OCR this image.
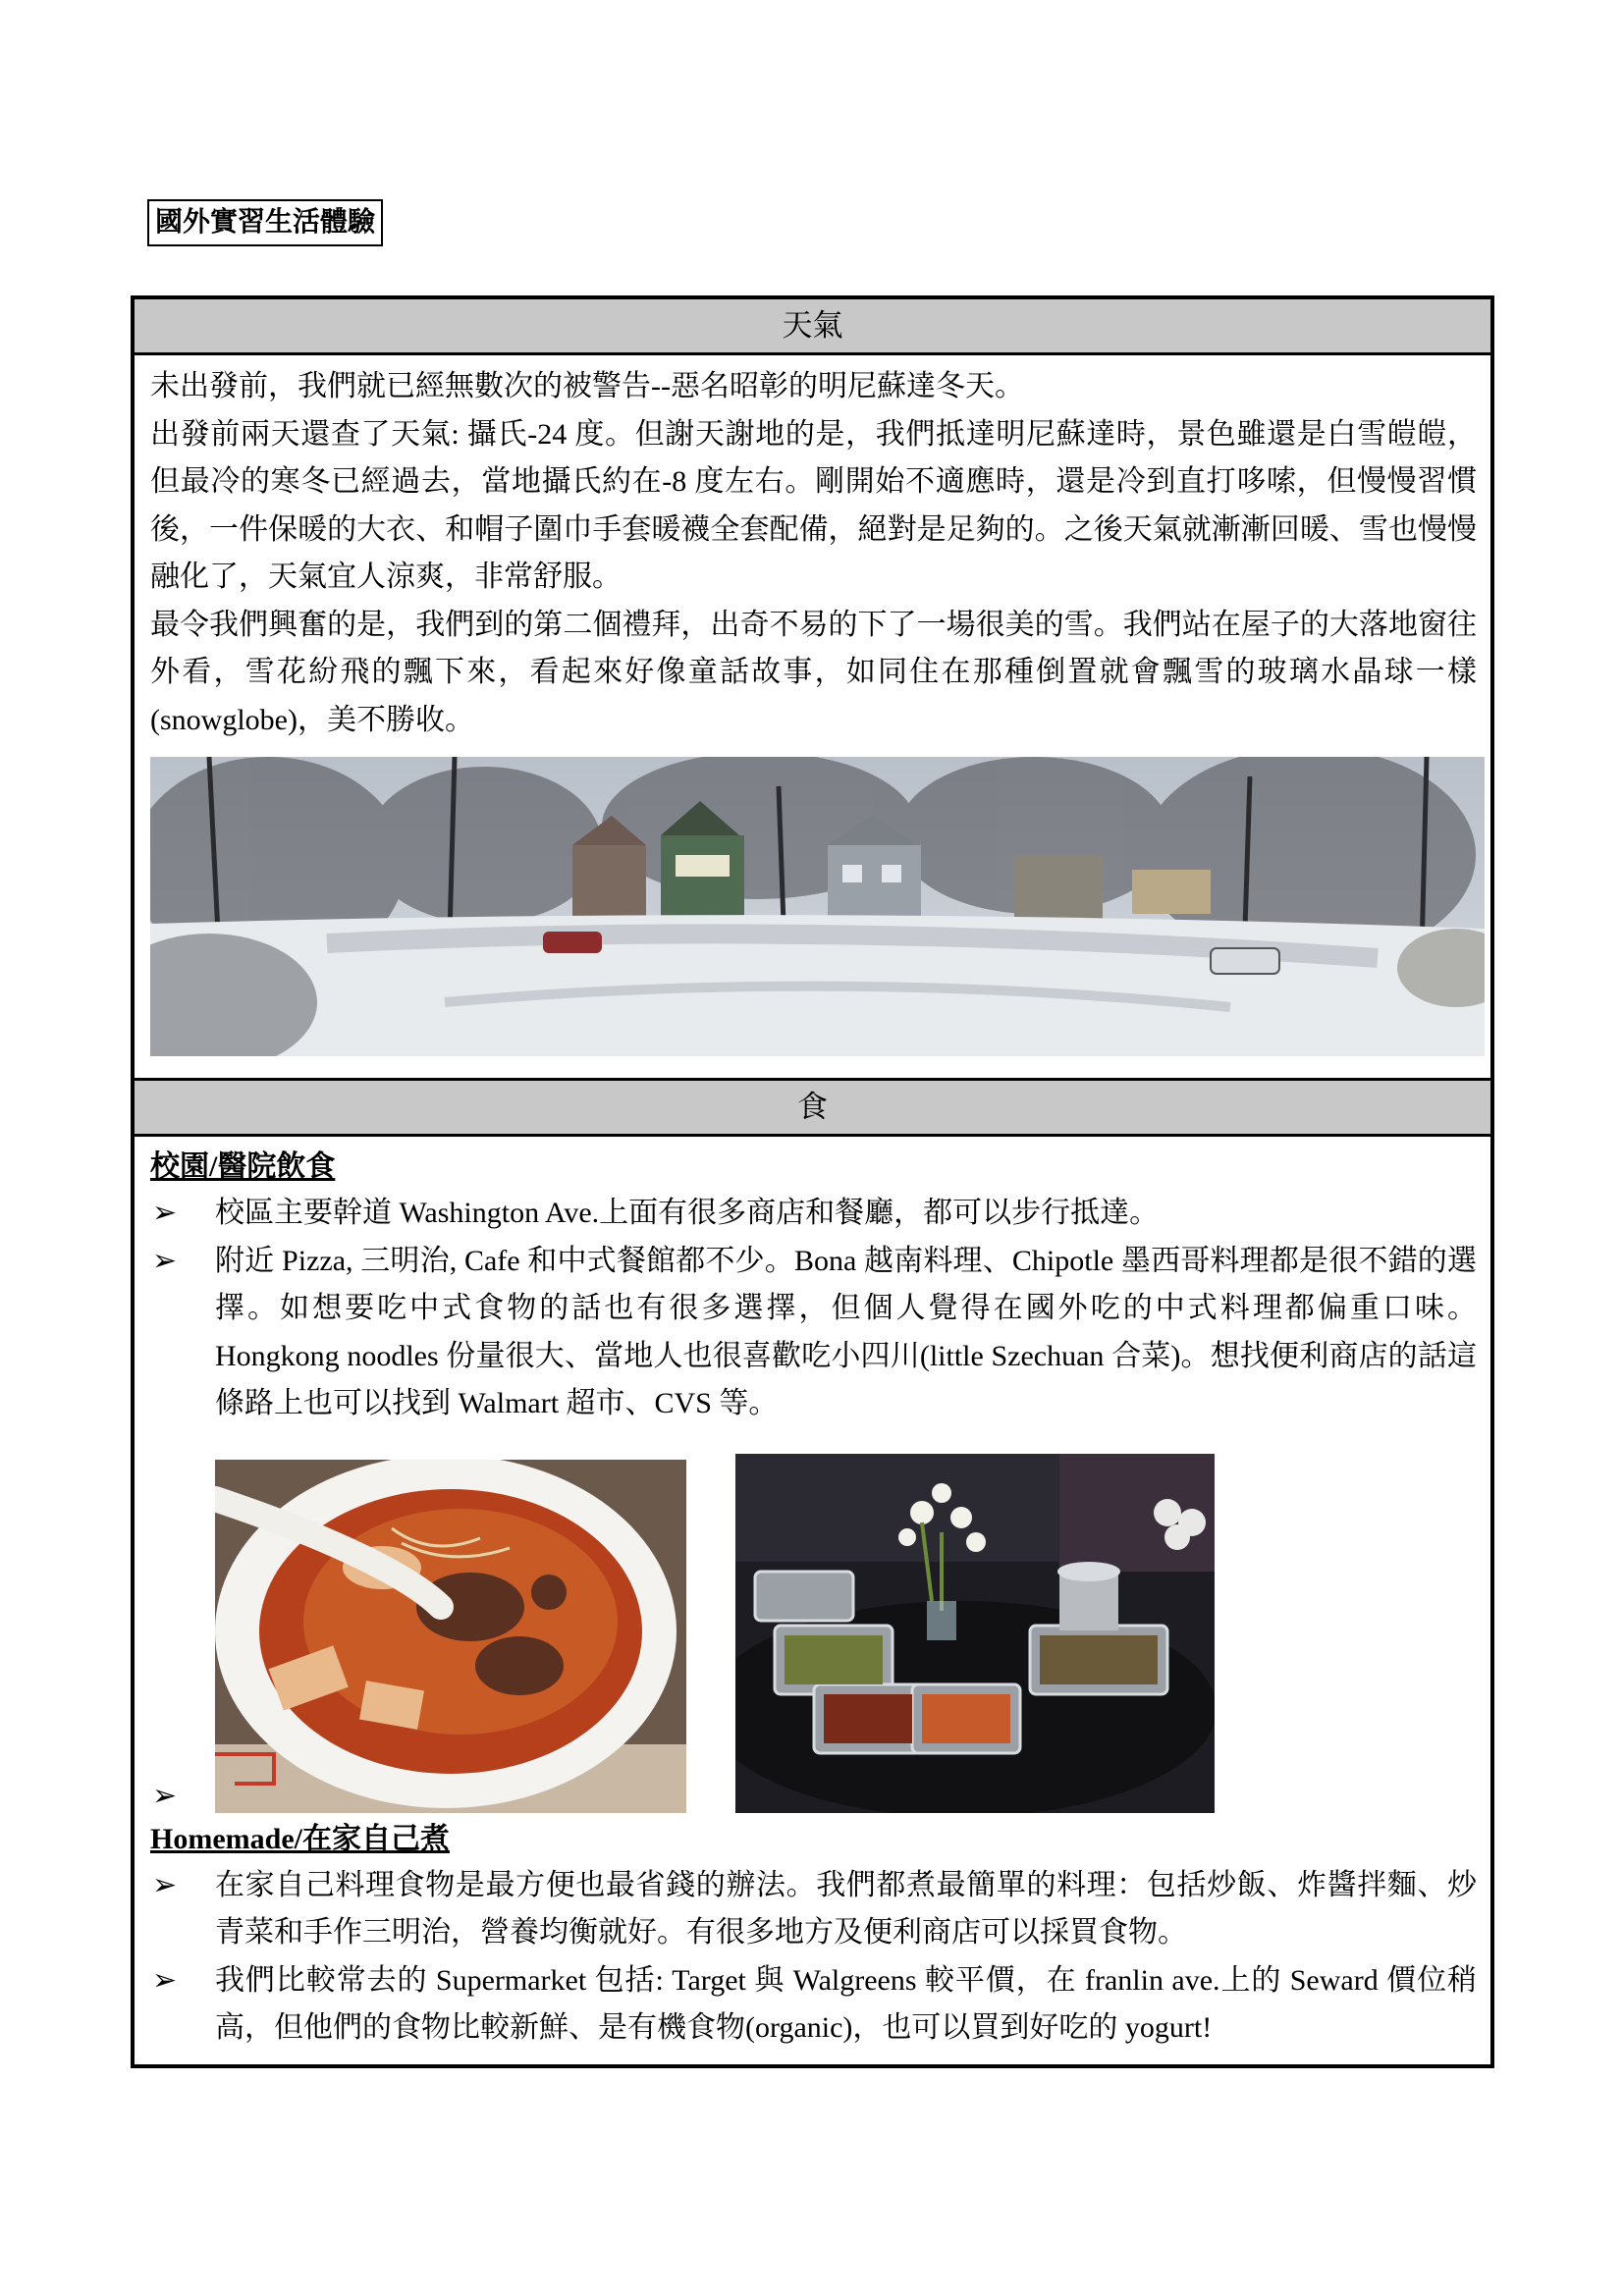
國外實習生活體驗
天氣

未出發前，我們就已經無數次的被警告--惡名昭彰的明尼蘇達冬天。

出發前兩天還查了天氣: 攝氏-24 度。但謝天謝地的是，我們抵達明尼蘇達時，景色雖還是白雪皚皚，但最冷的寒冬已經過去，當地攝氏約在-8 度左右。剛開始不適應時，還是冷到直打哆嗦，但慢慢習慣後，一件保暖的大衣、和帽子圍巾手套暖襪全套配備，絕對是足夠的。之後天氣就漸漸回暖、雪也慢慢融化了，天氣宜人涼爽，非常舒服。

最令我們興奮的是，我們到的第二個禮拜，出奇不易的下了一場很美的雪。我們站在屋子的大落地窗往外看，雪花紛飛的飄下來，看起來好像童話故事，如同住在那種倒置就會飄雪的玻璃水晶球一樣(snowglobe)，美不勝收。

食

校園/醫院飲食

➢	校區主要幹道 Washington Ave.上面有很多商店和餐廳，都可以步行抵達。
➢	附近 Pizza, 三明治, Cafe 和中式餐館都不少。Bona 越南料理、Chipotle 墨西哥料理都是很不錯的選擇。如想要吃中式食物的話也有很多選擇，但個人覺得在國外吃的中式料理都偏重口味。Hongkong noodles 份量很大、當地人也很喜歡吃小四川(little Szechuan 合菜)。想找便利商店的話這條路上也可以找到 Walmart 超市、CVS 等。
➢

Homemade/在家自己煮

➢	在家自己料理食物是最方便也最省錢的辦法。我們都煮最簡單的料理：包括炒飯、炸醬拌麵、炒青菜和手作三明治，營養均衡就好。有很多地方及便利商店可以採買食物。
➢	我們比較常去的 Supermarket 包括: Target 與 Walgreens 較平價，在 franlin ave.上的 Seward 價位稍高，但他們的食物比較新鮮、是有機食物(organic)，也可以買到好吃的 yogurt!
